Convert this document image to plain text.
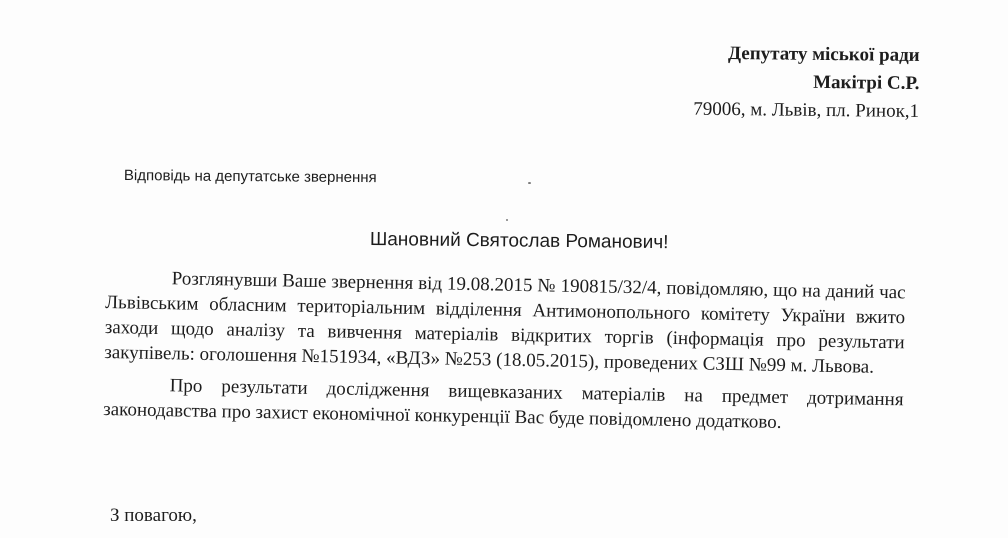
Депутату міської ради
Макітрі С.Р.
79006, м. Львів, пл. Ринок,1
Відповідь на депутатське звернення
Шановний Святослав Романович!

Розглянувши Ваше звернення від 19.08.2015 № 190815/32/4, повідомляю, що на даний час Львівським обласним територіальним відділення Антимонопольного комітету України вжито заходи щодо аналізу та вивчення матеріалів відкритих торгів (інформація про результати закупівель: оголошення №151934, «ВДЗ» №253 (18.05.2015), проведених СЗШ №99 м. Львова.

Про результати дослідження вищевказаних матеріалів на предмет дотримання законодавства про захист економічної конкуренції Вас буде повідомлено додатково.

З повагою,
